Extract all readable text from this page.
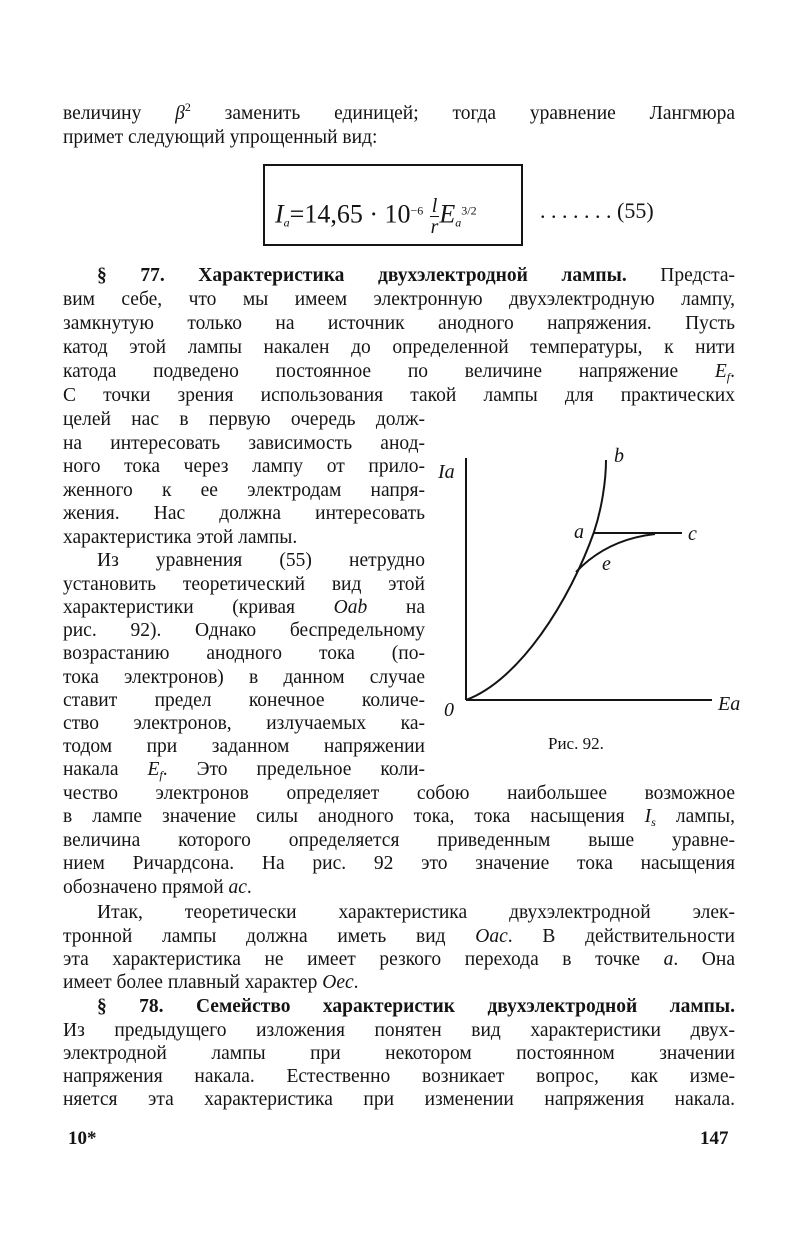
величину $\beta^2$ заменить единицей; тогда уравнение Лангмюра
примет следующий упрощенный вид:
§ 77. Характеристика двухэлектродной лампы. Предста-
вим себе, что мы имеем электронную двухэлектродную лампу,
замкнутую только на источник анодного напряжения. Пусть
катод этой лампы накален до определенной температуры, к нити
катода подведено постоянное по величине напряжение $E_f$.
С точки зрения использования такой лампы для практических
целей нас в первую очередь долж-
на интересовать зависимость анод-
ного тока через лампу от прило-
женного к ее электродам напря-
жения. Нас должна интересовать
характеристика этой лампы.
Из уравнения (55) нетрудно
установить теоретический вид этой
характеристики (кривая Oab на
рис. 92). Однако беспредельному
возрастанию анодного тока (по-
тока электронов) в данном случае
ставит предел конечное количе-
ство электронов, излучаемых ка-
тодом при заданном напряжении
накала $E_f$. Это предельное коли-
чество электронов определяет собою наибольшее возможное
в лампе значение силы анодного тока, тока насыщения $I_s$ лампы,
величина которого определяется приведенным выше уравне-
нием Ричардсона. На рис. 92 это значение тока насыщения
обозначено прямой ac.
Итак, теоретически характеристика двухэлектродной элек-
тронной лампы должна иметь вид Oac. В действительности
эта характеристика не имеет резкого перехода в точке a. Она
имеет более плавный характер Oec.
§ 78. Семейство характеристик двухэлектродной лампы.
Из предыдущего изложения понятен вид характеристики двух-
электродной лампы при некотором постоянном значении
напряжения накала. Естественно возникает вопрос, как изме-
няется эта характеристика при изменении напряжения накала.
$I_a=14,65 \cdot 10^{-6} \frac{l}{r} E_a^{3/2}$	. . . . . . . (55)
Ia
b
a	c
e
0	Ea
Рис. 92.
10*	147
